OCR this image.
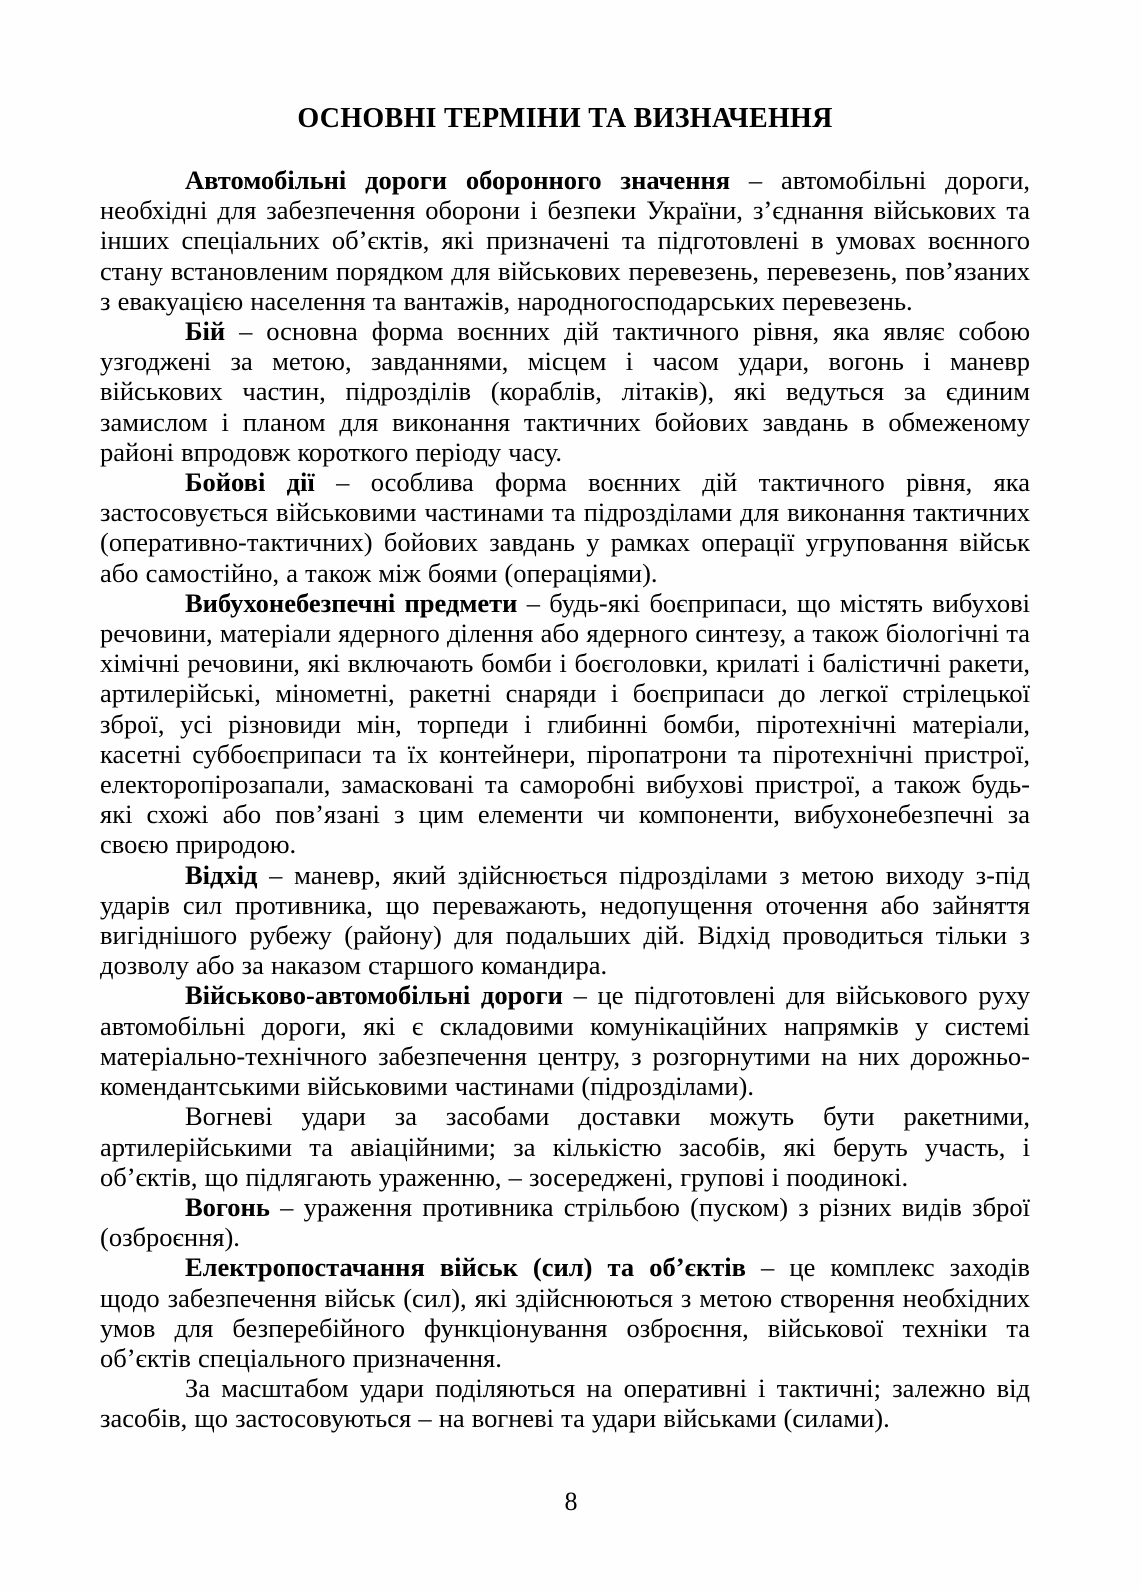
ОСНОВНІ ТЕРМІНИ ТА ВИЗНАЧЕННЯ

Автомобільні дороги оборонного значення – автомобільні дороги, необхідні для забезпечення оборони і безпеки України, з’єднання військових та інших спеціальних об’єктів, які призначені та підготовлені в умовах воєнного стану встановленим порядком для військових перевезень, перевезень, пов’язаних з евакуацією населення та вантажів, народногосподарських перевезень.

Бій – основна форма воєнних дій тактичного рівня, яка являє собою узгоджені за метою, завданнями, місцем і часом удари, вогонь і маневр військових частин, підрозділів (кораблів, літаків), які ведуться за єдиним замислом і планом для виконання тактичних бойових завдань в обмеженому районі впродовж короткого періоду часу.

Бойові дії – особлива форма воєнних дій тактичного рівня, яка застосовується військовими частинами та підрозділами для виконання тактичних (оперативно-тактичних) бойових завдань у рамках операції угруповання військ або самостійно, а також між боями (операціями).

Вибухонебезпечні предмети – будь-які боєприпаси, що містять вибухові речовини, матеріали ядерного ділення або ядерного синтезу, а також біологічні та хімічні речовини, які включають бомби і боєголовки, крилаті і балістичні ракети, артилерійські, мінометні, ракетні снаряди і боєприпаси до легкої стрілецької зброї, усі різновиди мін, торпеди і глибинні бомби, піротехнічні матеріали, касетні суббоєприпаси та їх контейнери, піропатрони та піротехнічні пристрої, електоропірозапали, замасковані та саморобні вибухові пристрої, а також будь-які схожі або пов’язані з цим елементи чи компоненти, вибухонебезпечні за своєю природою.

Відхід – маневр, який здійснюється підрозділами з метою виходу з-під ударів сил противника, що переважають, недопущення оточення або зайняття вигіднішого рубежу (району) для подальших дій. Відхід проводиться тільки з дозволу або за наказом старшого командира.

Військово-автомобільні дороги – це підготовлені для військового руху автомобільні дороги, які є складовими комунікаційних напрямків у системі матеріально-технічного забезпечення центру, з розгорнутими на них дорожньо-комендантськими військовими частинами (підрозділами).

Вогневі удари за засобами доставки можуть бути ракетними, артилерійськими та авіаційними; за кількістю засобів, які беруть участь, і об’єктів, що підлягають ураженню, – зосереджені, групові і поодинокі.

Вогонь – ураження противника стрільбою (пуском) з різних видів зброї (озброєння).

Електропостачання військ (сил) та об’єктів – це комплекс заходів щодо забезпечення військ (сил), які здійснюються з метою створення необхідних умов для безперебійного функціонування озброєння, військової техніки та об’єктів спеціального призначення.

За масштабом удари поділяються на оперативні і тактичні; залежно від засобів, що застосовуються – на вогневі та удари військами (силами).

8
